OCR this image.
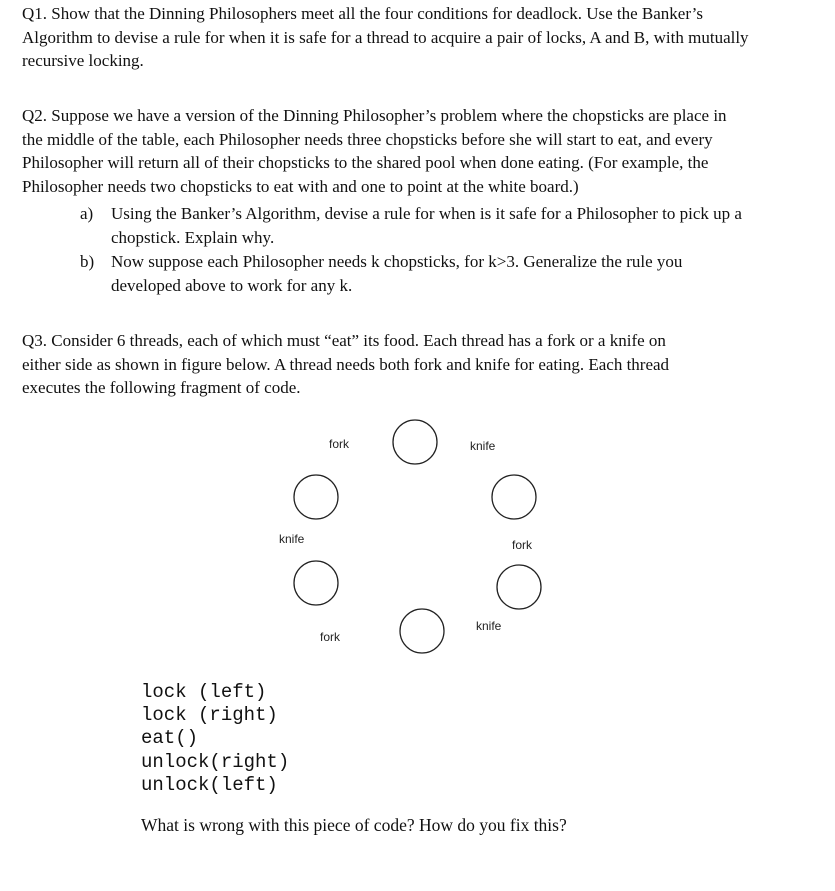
Q1. Show that the Dinning Philosophers meet all the four conditions for deadlock. Use the Banker’s
Algorithm to devise a rule for when it is safe for a thread to acquire a pair of locks, A and B, with mutually
recursive locking.

Q2. Suppose we have a version of the Dinning Philosopher’s problem where the chopsticks are place in
the middle of the table, each Philosopher needs three chopsticks before she will start to eat, and every
Philosopher will return all of their chopsticks to the shared pool when done eating. (For example, the
Philosopher needs two chopsticks to eat with and one to point at the white board.)

a) Using the Banker’s Algorithm, devise a rule for when is it safe for a Philosopher to pick up a
chopstick. Explain why.
b) Now suppose each Philosopher needs k chopsticks, for k>3. Generalize the rule you
developed above to work for any k.

Q3. Consider 6 threads, each of which must “eat” its food. Each thread has a fork or a knife on
either side as shown in figure below. A thread needs both fork and knife for eating. Each thread
executes the following fragment of code.

fork	knife
fork
knife
fork
knife
lock (left)
lock (right)
eat()
unlock(right)
unlock(left)

What is wrong with this piece of code? How do you fix this?
